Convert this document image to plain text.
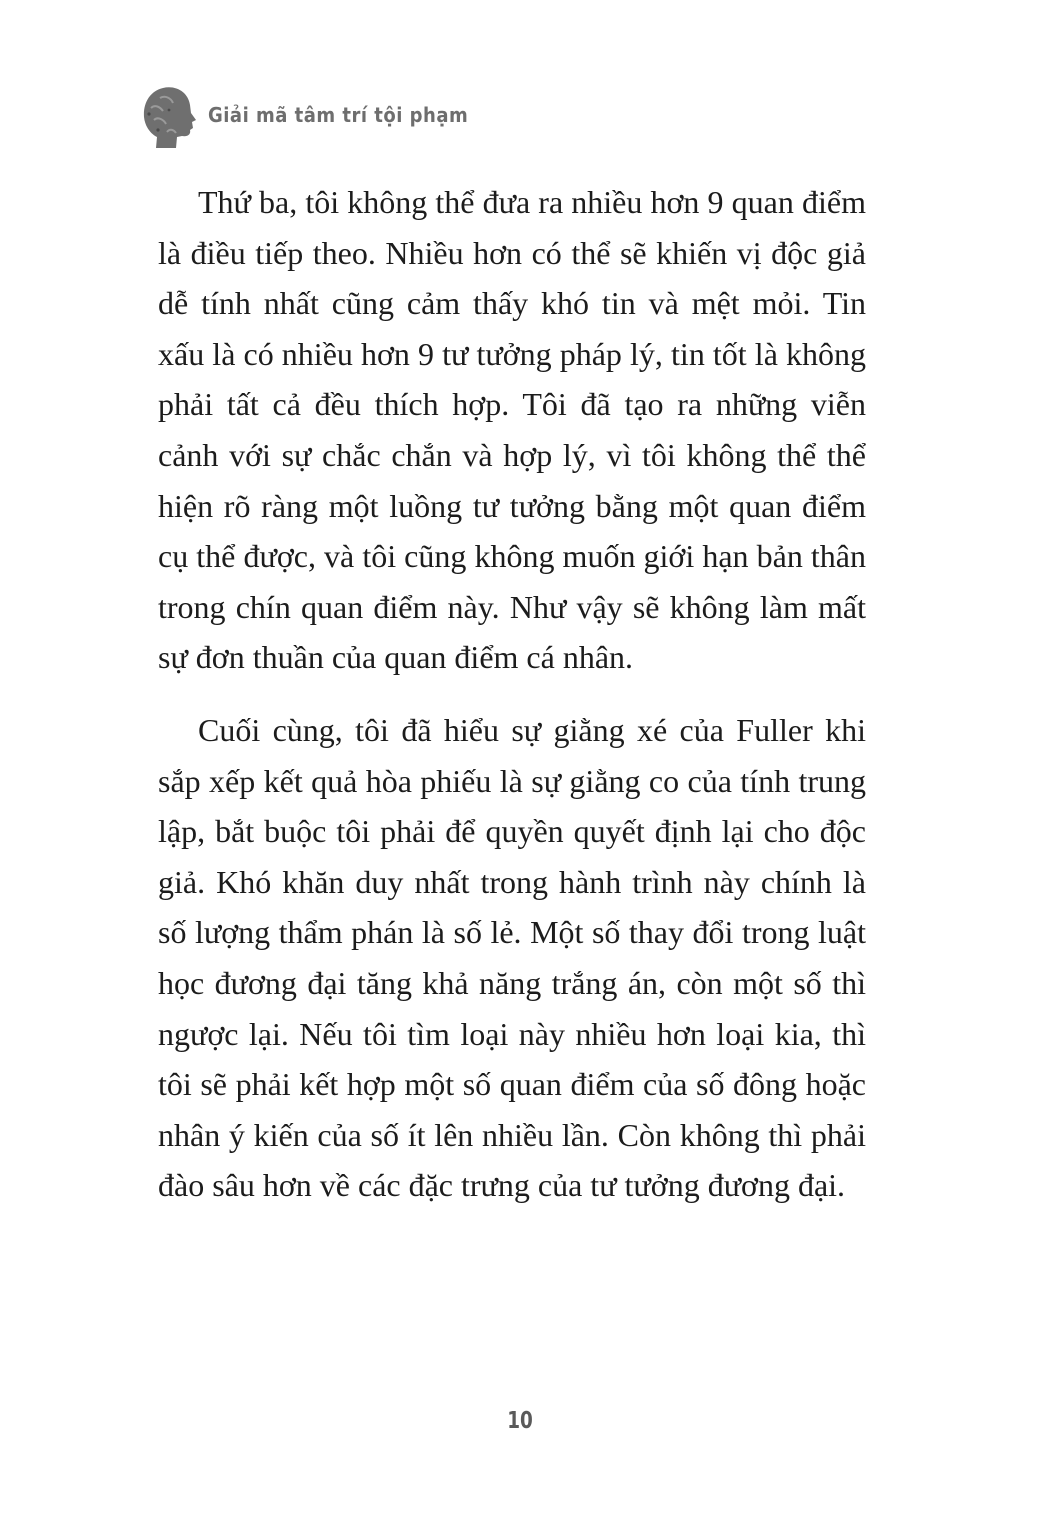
Giải mã tâm trí tội phạm

Thứ ba, tôi không thể đưa ra nhiều hơn 9 quan điểm là điều tiếp theo. Nhiều hơn có thể sẽ khiến vị độc giả dễ tính nhất cũng cảm thấy khó tin và mệt mỏi. Tin xấu là có nhiều hơn 9 tư tưởng pháp lý, tin tốt là không phải tất cả đều thích hợp. Tôi đã tạo ra những viễn cảnh với sự chắc chắn và hợp lý, vì tôi không thể thể hiện rõ ràng một luồng tư tưởng bằng một quan điểm cụ thể được, và tôi cũng không muốn giới hạn bản thân trong chín quan điểm này. Như vậy sẽ không làm mất sự đơn thuần của quan điểm cá nhân.

Cuối cùng, tôi đã hiểu sự giằng xé của Fuller khi sắp xếp kết quả hòa phiếu là sự giằng co của tính trung lập, bắt buộc tôi phải để quyền quyết định lại cho độc giả. Khó khăn duy nhất trong hành trình này chính là số lượng thẩm phán là số lẻ. Một số thay đổi trong luật học đương đại tăng khả năng trắng án, còn một số thì ngược lại. Nếu tôi tìm loại này nhiều hơn loại kia, thì tôi sẽ phải kết hợp một số quan điểm của số đông hoặc nhân ý kiến của số ít lên nhiều lần. Còn không thì phải đào sâu hơn về các đặc trưng của tư tưởng đương đại.

10
